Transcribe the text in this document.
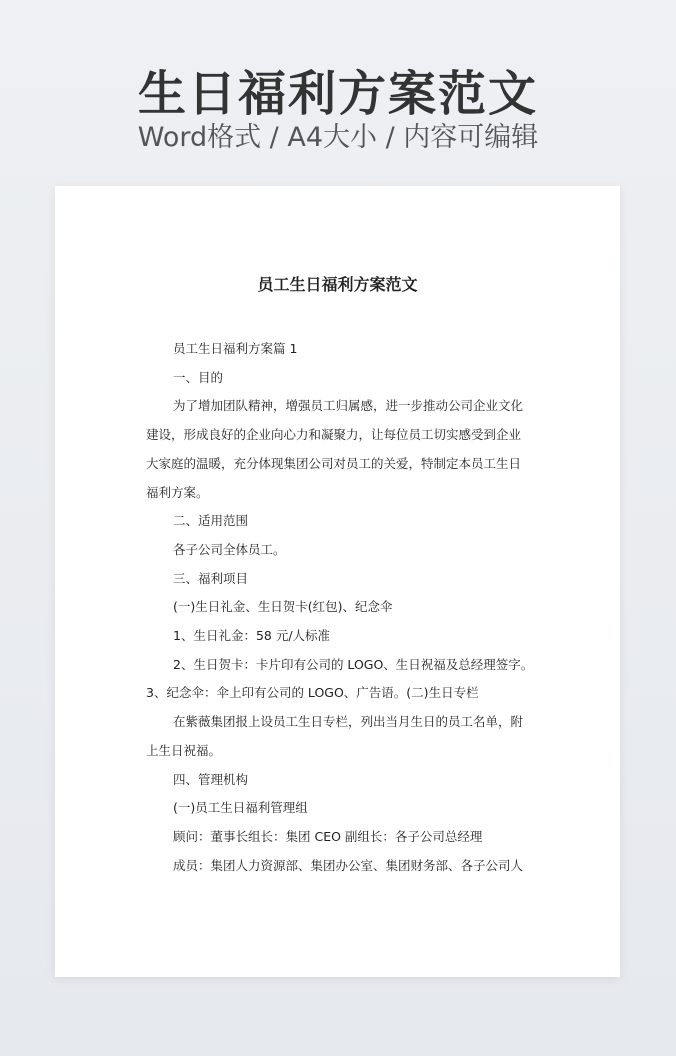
生日福利方案范文
Word格式 / A4大小 / 内容可编辑
员工生日福利方案范文

员工生日福利方案篇 1

一、目的

为了增加团队精神，增强员工归属感，进一步推动公司企业文化

建设，形成良好的企业向心力和凝聚力，让每位员工切实感受到企业

大家庭的温暖，充分体现集团公司对员工的关爱，特制定本员工生日

福利方案。

二、适用范围

各子公司全体员工。

三、福利项目

(一)生日礼金、生日贺卡(红包)、纪念伞

1、生日礼金：58 元/人标准

2、生日贺卡：卡片印有公司的 LOGO、生日祝福及总经理签字。

3、纪念伞：伞上印有公司的 LOGO、广告语。(二)生日专栏

在紫薇集团报上设员工生日专栏，列出当月生日的员工名单，附

上生日祝福。

四、管理机构

(一)员工生日福利管理组

顾问：董事长组长：集团 CEO 副组长：各子公司总经理

成员：集团人力资源部、集团办公室、集团财务部、各子公司人
